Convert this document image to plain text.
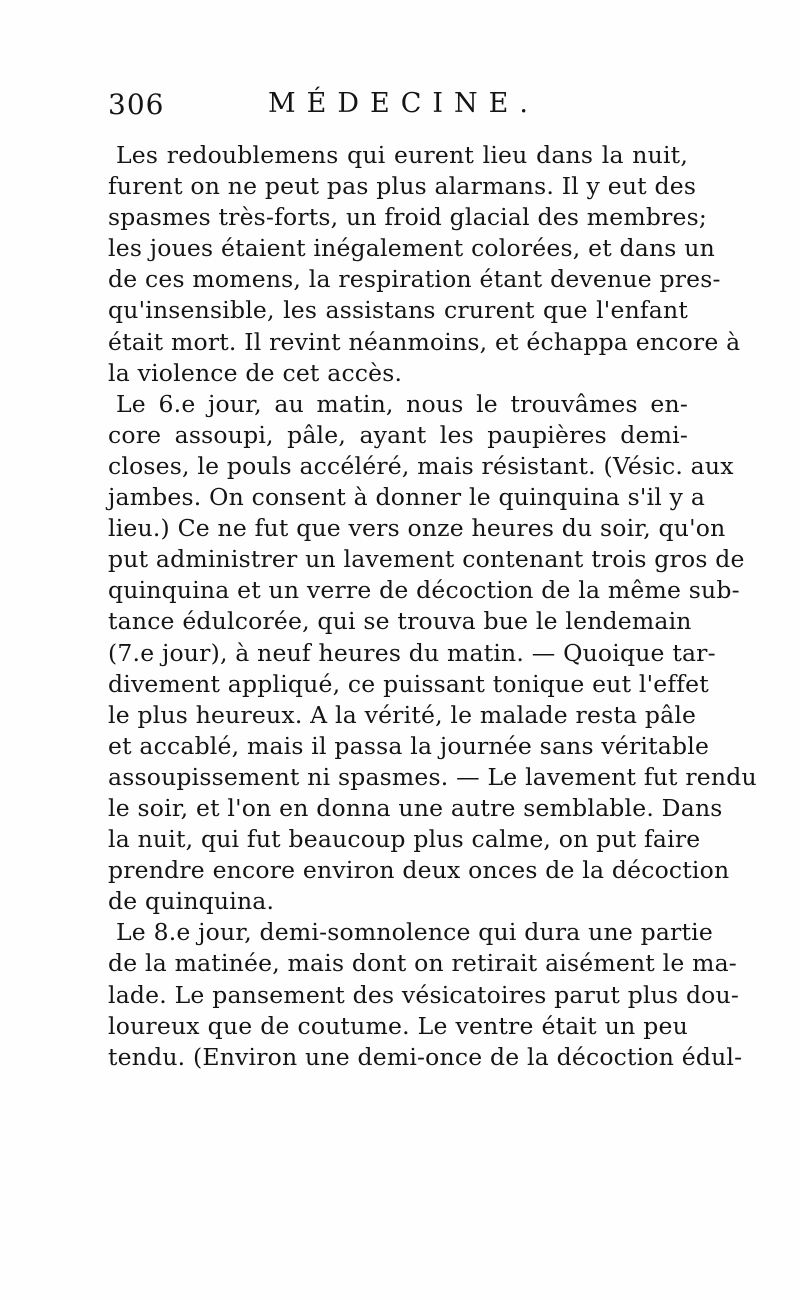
306	MÉDECINE.
Les redoublemens qui eurent lieu dans la nuit,
furent on ne peut pas plus alarmans. Il y eut des
spasmes très-forts, un froid glacial des membres;
les joues étaient inégalement colorées, et dans un
de ces momens, la respiration étant devenue pres-
qu'insensible, les assistans crurent que l'enfant
était mort. Il revint néanmoins, et échappa encore à
la violence de cet accès.
Le 6.e jour, au matin, nous le trouvâmes en-
core assoupi, pâle, ayant les paupières demi-
closes, le pouls accéléré, mais résistant. (Vésic. aux
jambes. On consent à donner le quinquina s'il y a
lieu.) Ce ne fut que vers onze heures du soir, qu'on
put administrer un lavement contenant trois gros de
quinquina et un verre de décoction de la même sub-
tance édulcorée, qui se trouva bue le lendemain
(7.e jour), à neuf heures du matin. — Quoique tar-
divement appliqué, ce puissant tonique eut l'effet
le plus heureux. A la vérité, le malade resta pâle
et accablé, mais il passa la journée sans véritable
assoupissement ni spasmes. — Le lavement fut rendu
le soir, et l'on en donna une autre semblable. Dans
la nuit, qui fut beaucoup plus calme, on put faire
prendre encore environ deux onces de la décoction
de quinquina.
Le 8.e jour, demi-somnolence qui dura une partie
de la matinée, mais dont on retirait aisément le ma-
lade. Le pansement des vésicatoires parut plus dou-
loureux que de coutume. Le ventre était un peu
tendu. (Environ une demi-once de la décoction édul-
